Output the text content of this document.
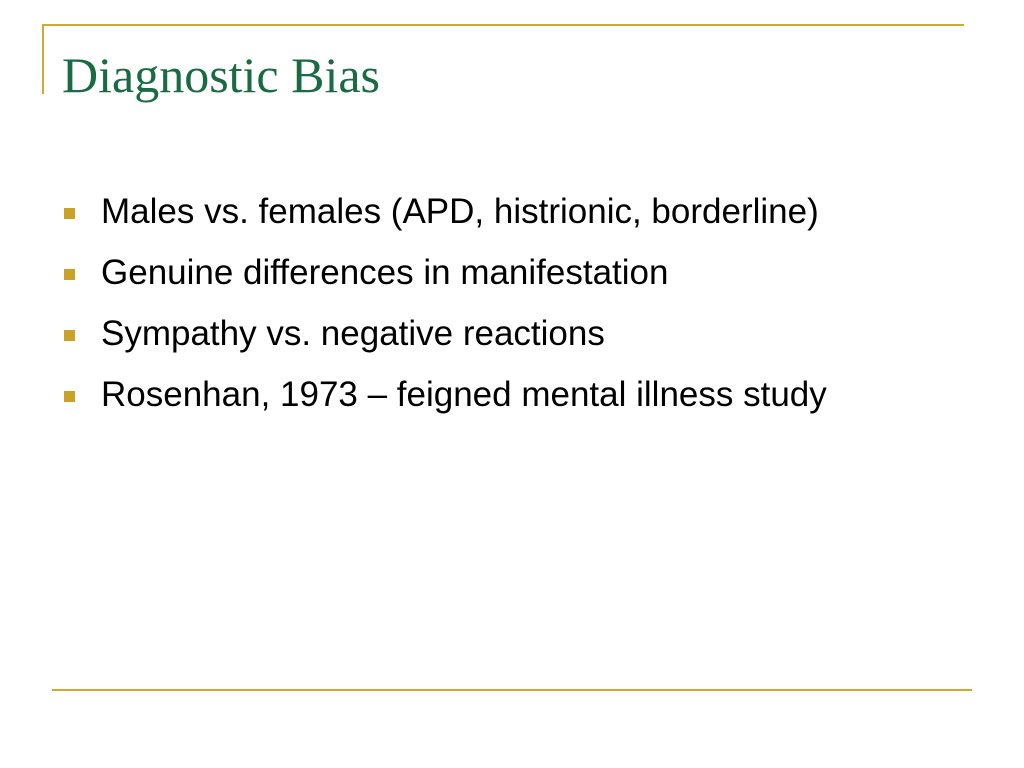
Diagnostic Bias
Males vs. females (APD, histrionic, borderline)
Genuine differences in manifestation
Sympathy vs. negative reactions
Rosenhan, 1973 – feigned mental illness study
